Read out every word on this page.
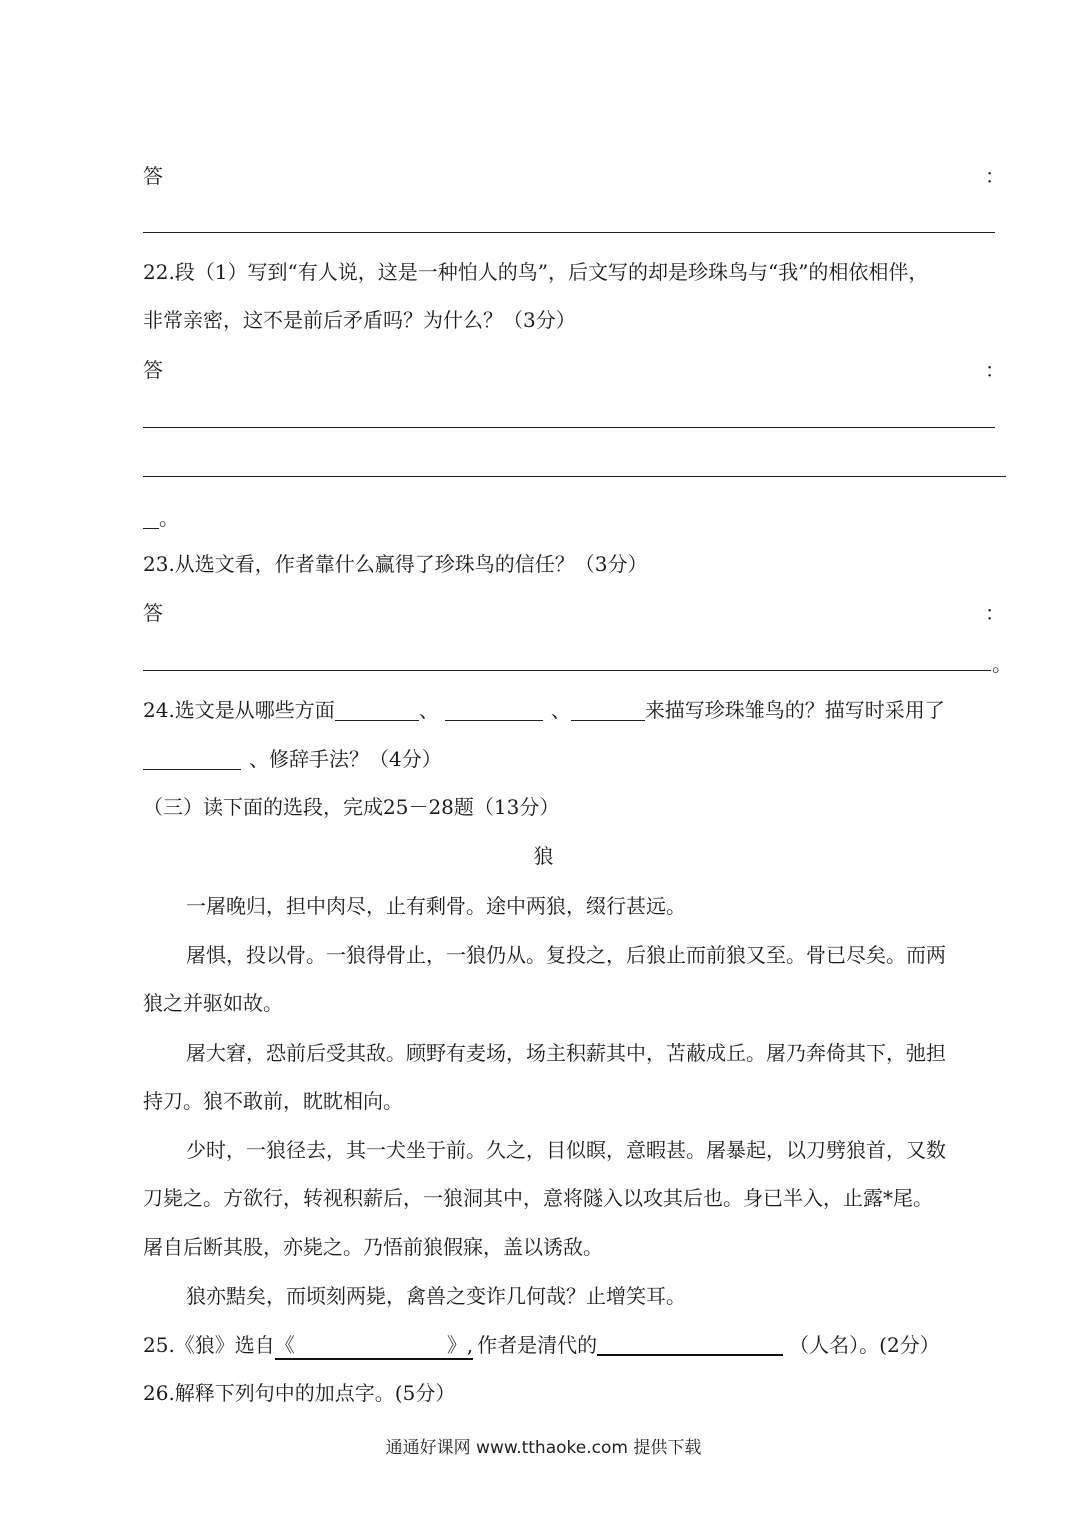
答	：
22.段（1）写到“有人说，这是一种怕人的鸟”，后文写的却是珍珠鸟与“我”的相依相伴，
非常亲密，这不是前后矛盾吗？为什么？（3分）
答	：
。
23.从选文看，作者靠什么赢得了珍珠鸟的信任？（3分）
答	：
。
24.选文是从哪些方面	、	、	来描写珍珠雏鸟的？描写时采用了
、修辞手法？（4分）
（三）读下面的选段，完成25－28题（13分）
狼
一屠晚归，担中肉尽，止有剩骨。途中两狼，缀行甚远。
屠惧，投以骨。一狼得骨止，一狼仍从。复投之，后狼止而前狼又至。骨已尽矣。而两
狼之并驱如故。
屠大窘，恐前后受其敌。顾野有麦场，场主积薪其中，苫蔽成丘。屠乃奔倚其下，弛担
持刀。狼不敢前，眈眈相向。
少时，一狼径去，其一犬坐于前。久之，目似瞑，意暇甚。屠暴起，以刀劈狼首，又数
刀毙之。方欲行，转视积薪后，一狼洞其中，意将隧入以攻其后也。身已半入，止露*尾。
屠自后断其股，亦毙之。乃悟前狼假寐，盖以诱敌。
狼亦黠矣，而顷刻两毙，禽兽之变诈几何哉？止增笑耳。
25.《狼》选自《	》, 作者是清代的	（人名）。(2分）
26.解释下列句中的加点字。(5分）
通通好课网 www.tthaoke.com 提供下载
